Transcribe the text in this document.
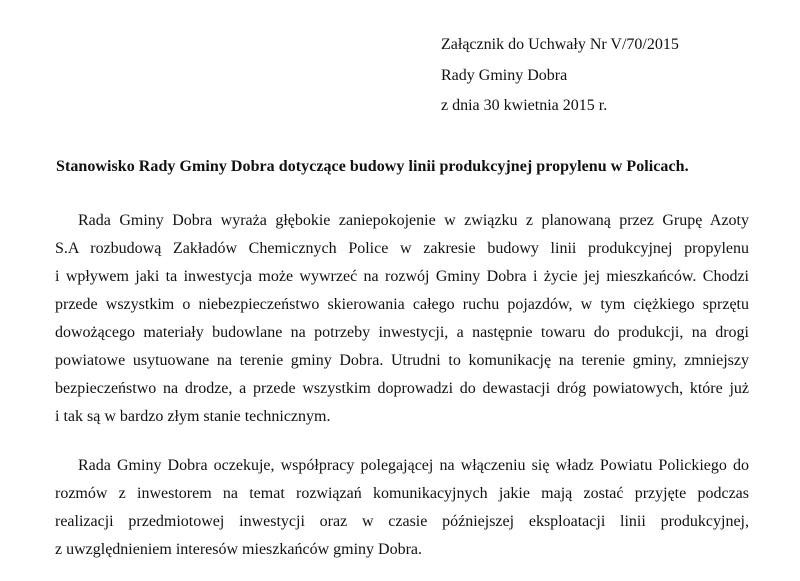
Załącznik do Uchwały Nr V/70/2015
Rady Gminy Dobra
z dnia 30 kwietnia 2015 r.
Stanowisko Rady Gminy Dobra dotyczące budowy linii produkcyjnej propylenu w Policach.
Rada Gminy Dobra wyraża głębokie zaniepokojenie w związku z planowaną przez Grupę Azoty
S.A rozbudową Zakładów Chemicznych Police w zakresie budowy linii produkcyjnej propylenu
i wpływem jaki ta inwestycja może wywrzeć na rozwój Gminy Dobra i życie jej mieszkańców. Chodzi
przede wszystkim o niebezpieczeństwo skierowania całego ruchu pojazdów, w tym ciężkiego sprzętu
dowożącego materiały budowlane na potrzeby inwestycji, a następnie towaru do produkcji, na drogi
powiatowe usytuowane na terenie gminy Dobra. Utrudni to komunikację na terenie gminy, zmniejszy
bezpieczeństwo na drodze, a przede wszystkim doprowadzi do dewastacji dróg powiatowych, które już
i tak są w bardzo złym stanie technicznym.
Rada Gminy Dobra oczekuje, współpracy polegającej na włączeniu się władz Powiatu Polickiego do
rozmów z inwestorem na temat rozwiązań komunikacyjnych jakie mają zostać przyjęte podczas
realizacji przedmiotowej inwestycji oraz w czasie późniejszej eksploatacji linii produkcyjnej,
z uwzględnieniem interesów mieszkańców gminy Dobra.
